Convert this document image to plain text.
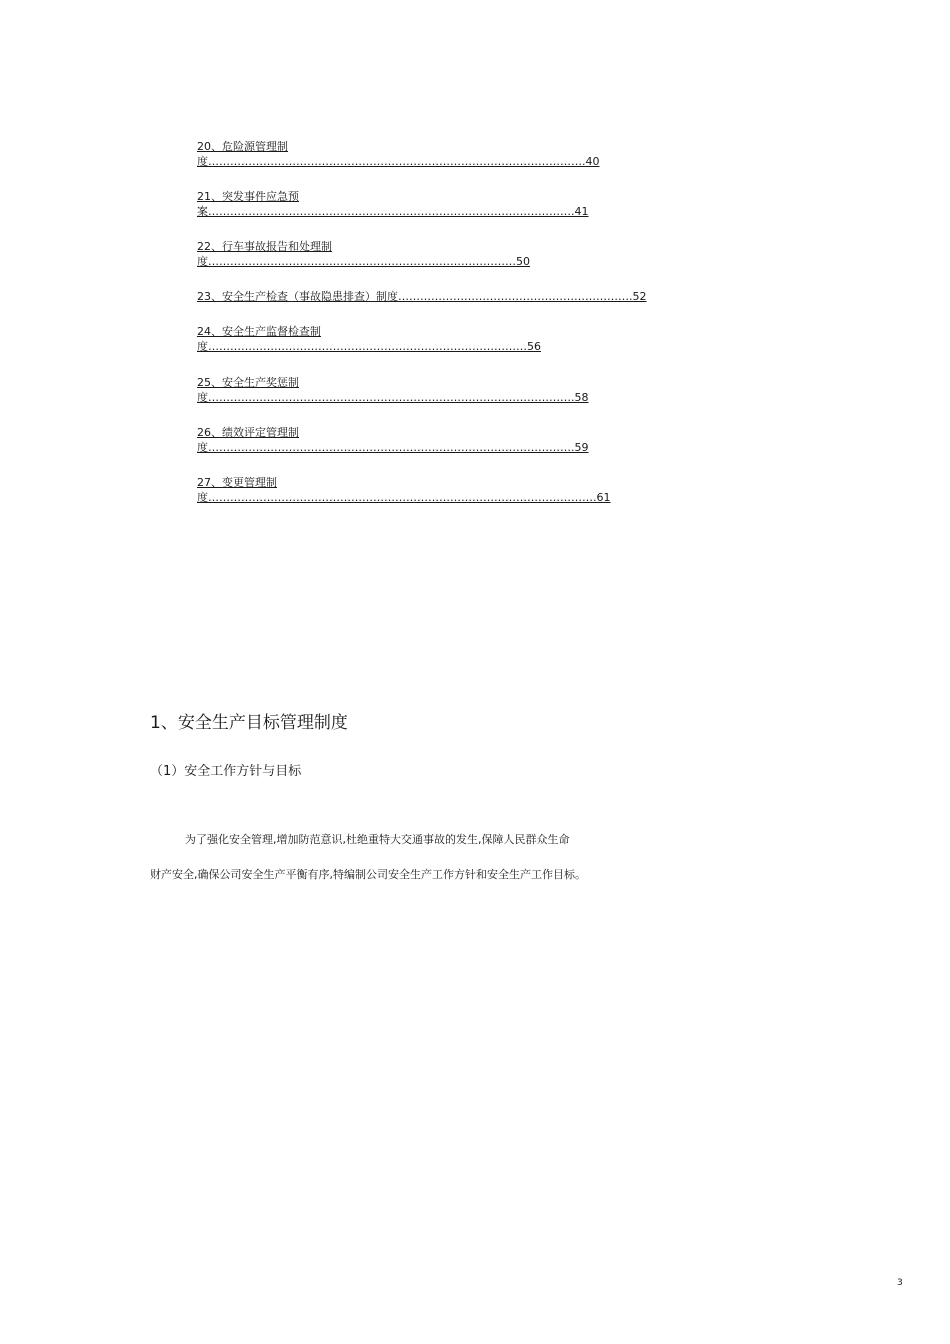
20、危险源管理制
度………………………………………………………………………………………….40
21、突发事件应急预
案……………………………………………………………………………………….41
22、行车事故报告和处理制
度…………………………………………………………………………50
23、安全生产检查（事故隐患排查）制度……………………………………………………….52
24、安全生产监督检查制
度……………………………………………………………………………56
25、安全生产奖惩制
度……………………………………………………………………………………….58
26、绩效评定管理制
度……………………………………………………………………………………….59
27、变更管理制
度…………………………………………………………………………………………….61
1、安全生产目标管理制度
（1）安全工作方针与目标
为了强化安全管理,增加防范意识,杜绝重特大交通事故的发生,保障人民群众生命
财产安全,确保公司安全生产平衡有序,特编制公司安全生产工作方针和安全生产工作目标。
3
